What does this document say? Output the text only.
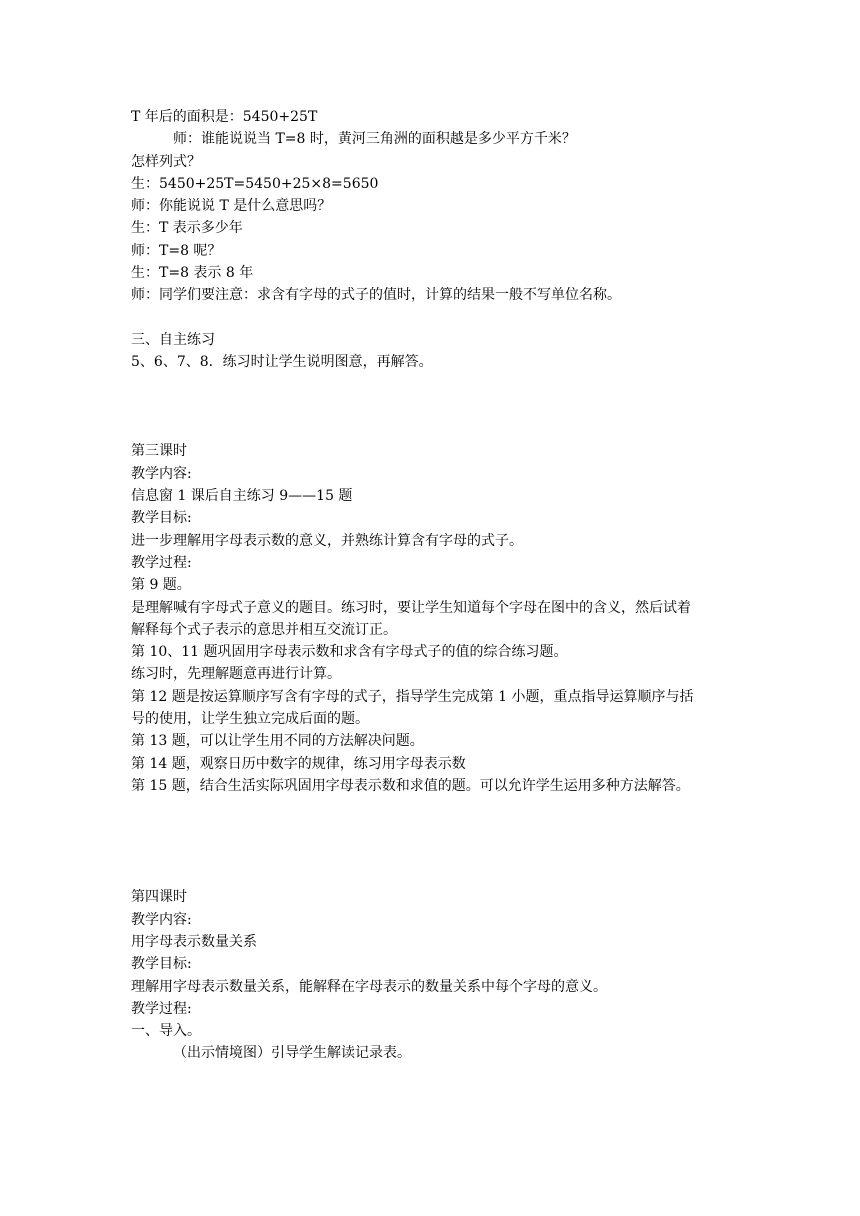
T 年后的面积是：5450+25T
师：谁能说说当 T=8 时，黄河三角洲的面积越是多少平方千米？
怎样列式？
生：5450+25T=5450+25×8=5650
师：你能说说 T 是什么意思吗？
生：T 表示多少年
师：T=8 呢？
生：T=8 表示 8 年
师：同学们要注意：求含有字母的式子的值时，计算的结果一般不写单位名称。
三、自主练习
5、6、7、8．练习时让学生说明图意，再解答。
第三课时
教学内容:
信息窗 1 课后自主练习 9——15 题
教学目标:
进一步理解用字母表示数的意义，并熟练计算含有字母的式子。
教学过程:
第 9 题。
是理解喊有字母式子意义的题目。练习时，要让学生知道每个字母在图中的含义，然后试着
解释每个式子表示的意思并相互交流订正。
第 10、11 题巩固用字母表示数和求含有字母式子的值的综合练习题。
练习时，先理解题意再进行计算。
第 12 题是按运算顺序写含有字母的式子，指导学生完成第 1 小题，重点指导运算顺序与括
号的使用，让学生独立完成后面的题。
第 13 题，可以让学生用不同的方法解决问题。
第 14 题，观察日历中数字的规律，练习用字母表示数
第 15 题，结合生活实际巩固用字母表示数和求值的题。可以允许学生运用多种方法解答。
第四课时
教学内容:
用字母表示数量关系
教学目标:
理解用字母表示数量关系，能解释在字母表示的数量关系中每个字母的意义。
教学过程:
一、导入。
（出示情境图）引导学生解读记录表。
